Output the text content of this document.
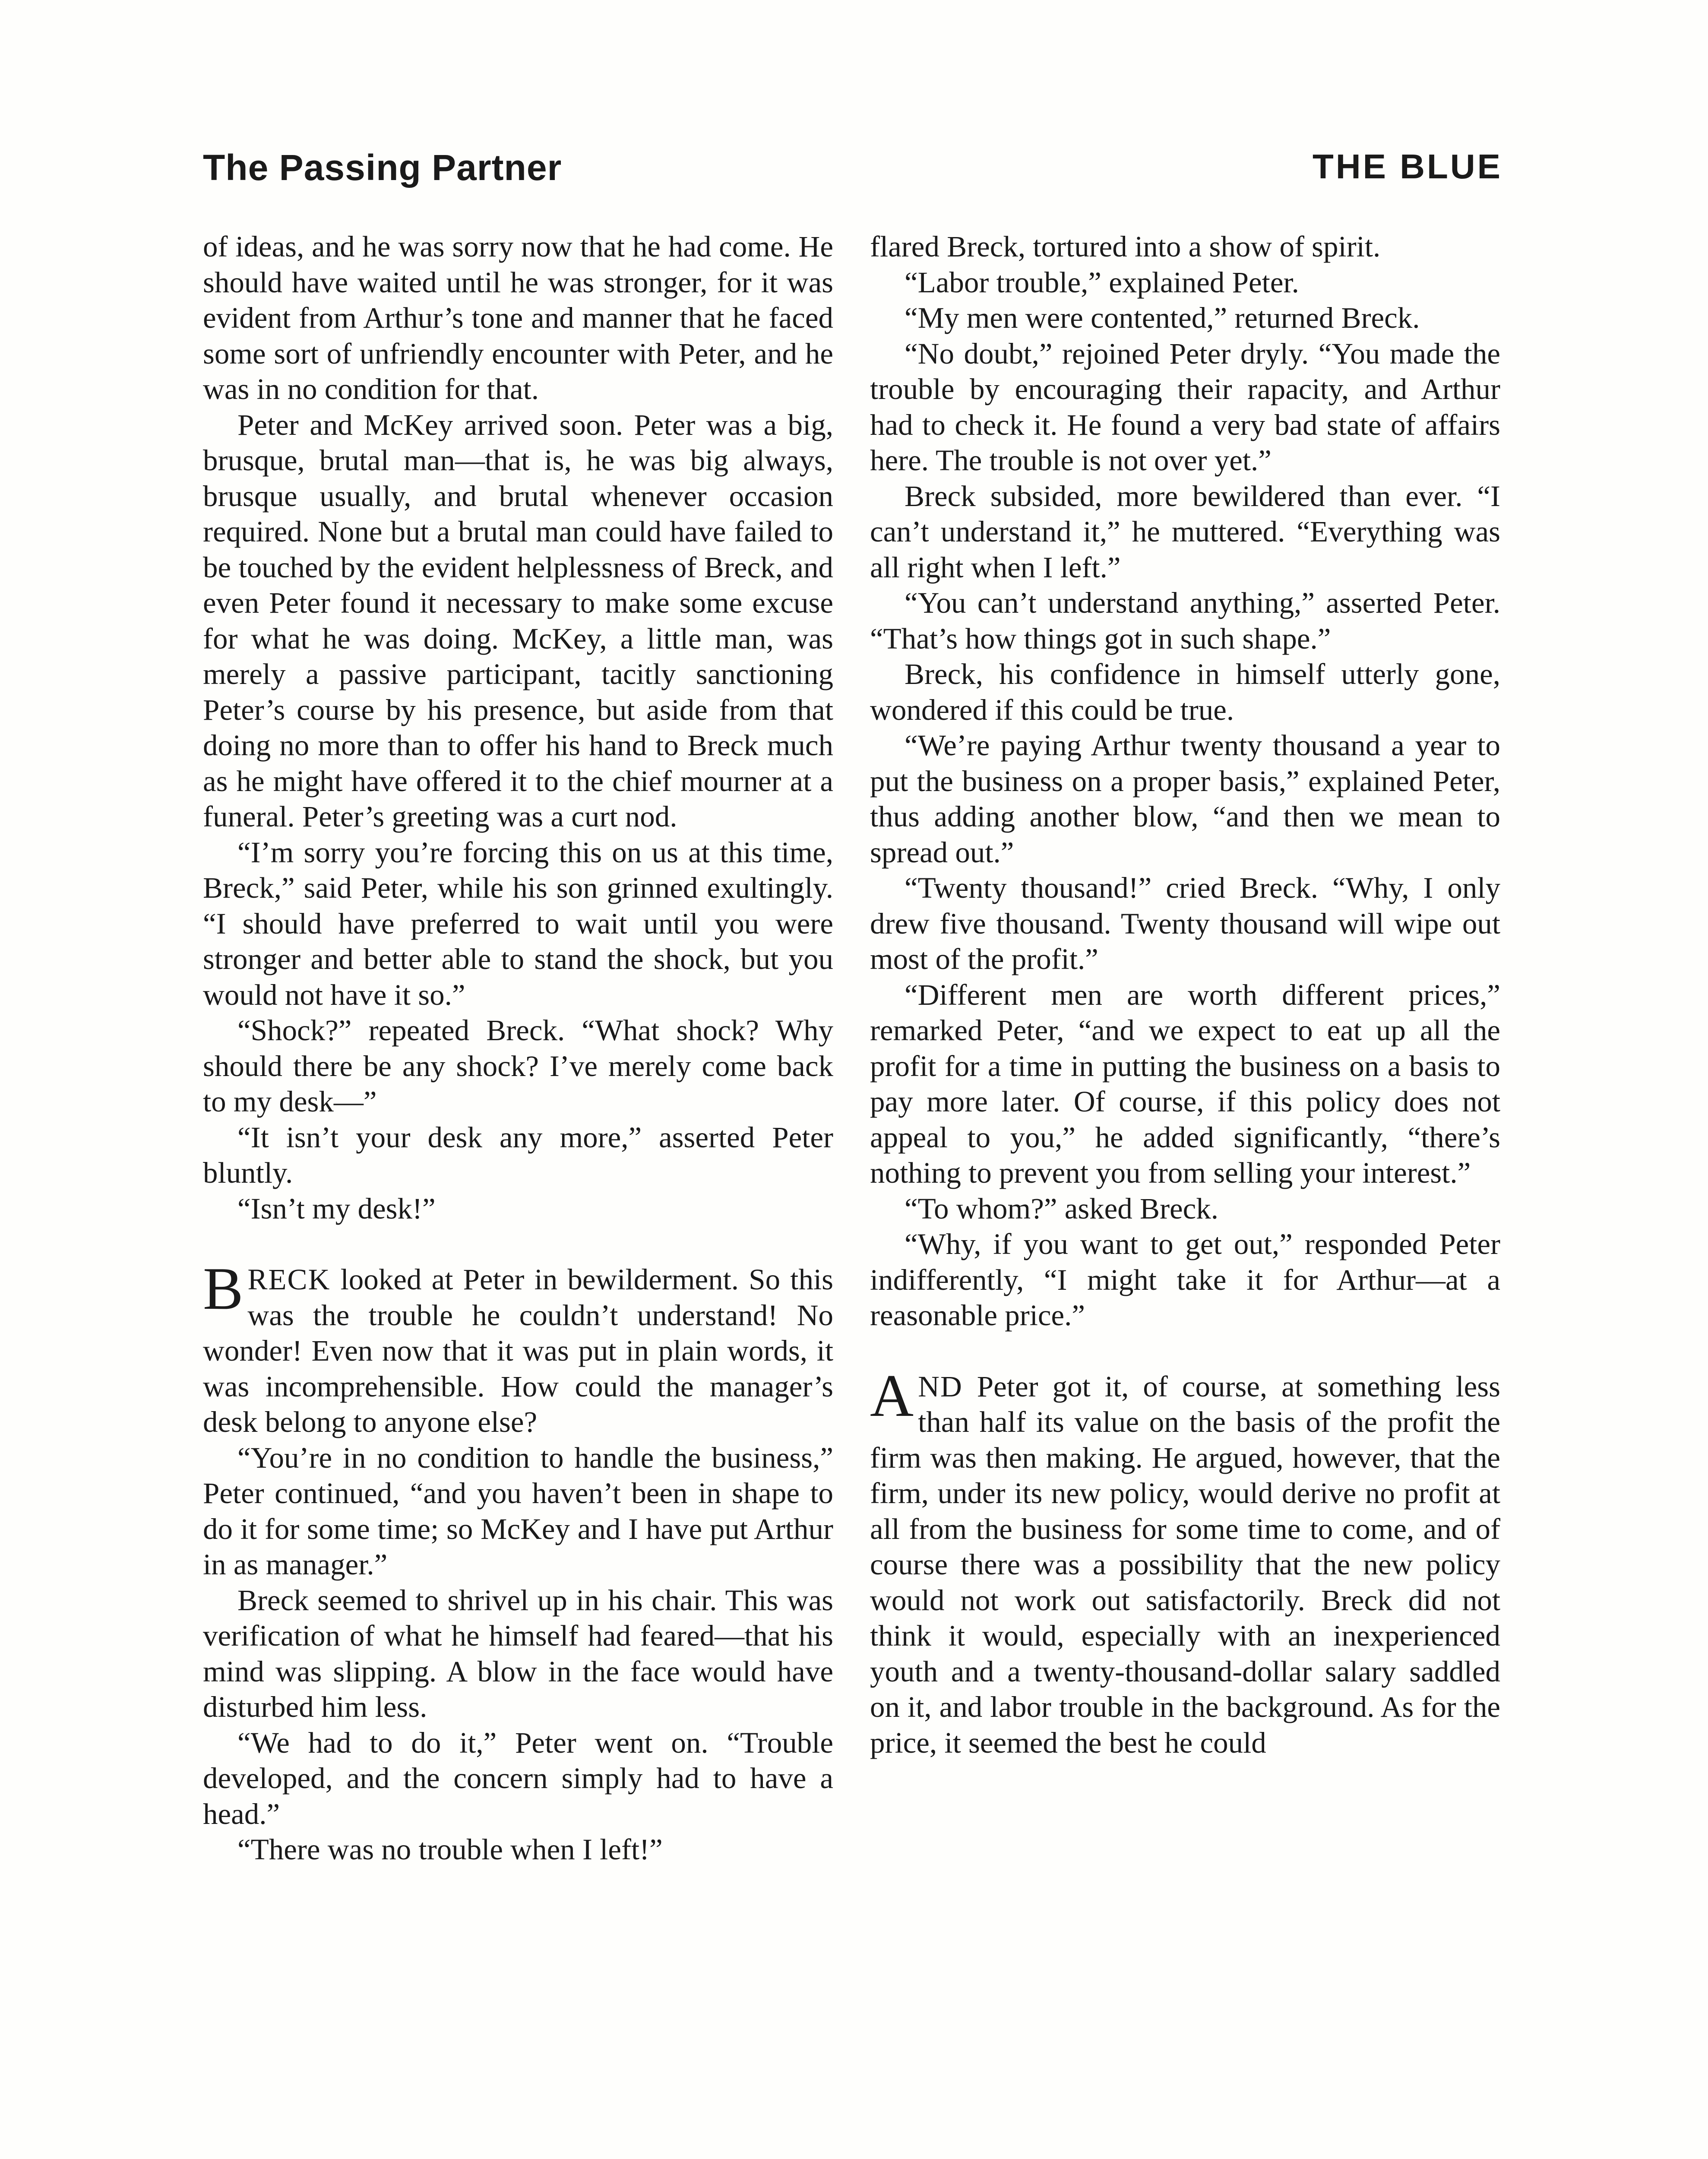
The Passing Partner	THE BLUE

of ideas, and he was sorry now that he had come. He should have waited until he was stronger, for it was evident from Arthur’s tone and manner that he faced some sort of unfriendly encounter with Peter, and he was in no condition for that.

Peter and McKey arrived soon. Peter was a big, brusque, brutal man—that is, he was big always, brusque usually, and brutal whenever occasion required. None but a brutal man could have failed to be touched by the evident helplessness of Breck, and even Peter found it necessary to make some excuse for what he was doing. McKey, a little man, was merely a passive participant, tacitly sanctioning Peter’s course by his presence, but aside from that doing no more than to offer his hand to Breck much as he might have offered it to the chief mourner at a funeral. Peter’s greeting was a curt nod.

“I’m sorry you’re forcing this on us at this time, Breck,” said Peter, while his son grinned exultingly. “I should have preferred to wait until you were stronger and better able to stand the shock, but you would not have it so.”

“Shock?” repeated Breck. “What shock? Why should there be any shock? I’ve merely come back to my desk—”

“It isn’t your desk any more,” asserted Peter bluntly.

“Isn’t my desk!”

BRECK looked at Peter in bewilderment. So this was the trouble he couldn’t understand! No wonder! Even now that it was put in plain words, it was incomprehensible. How could the manager’s desk belong to anyone else?

“You’re in no condition to handle the business,” Peter continued, “and you haven’t been in shape to do it for some time; so McKey and I have put Arthur in as manager.”

Breck seemed to shrivel up in his chair. This was verification of what he himself had feared—that his mind was slipping. A blow in the face would have disturbed him less.

“We had to do it,” Peter went on. “Trouble developed, and the concern simply had to have a head.”

“There was no trouble when I left!”

flared Breck, tortured into a show of spirit.

“Labor trouble,” explained Peter.

“My men were contented,” returned Breck.

“No doubt,” rejoined Peter dryly. “You made the trouble by encouraging their rapacity, and Arthur had to check it. He found a very bad state of affairs here. The trouble is not over yet.”

Breck subsided, more bewildered than ever. “I can’t understand it,” he muttered. “Everything was all right when I left.”

“You can’t understand anything,” asserted Peter. “That’s how things got in such shape.”

Breck, his confidence in himself utterly gone, wondered if this could be true.

“We’re paying Arthur twenty thousand a year to put the business on a proper basis,” explained Peter, thus adding another blow, “and then we mean to spread out.”

“Twenty thousand!” cried Breck. “Why, I only drew five thousand. Twenty thousand will wipe out most of the profit.”

“Different men are worth different prices,” remarked Peter, “and we expect to eat up all the profit for a time in putting the business on a basis to pay more later. Of course, if this policy does not appeal to you,” he added significantly, “there’s nothing to prevent you from selling your interest.”

“To whom?” asked Breck.

“Why, if you want to get out,” responded Peter indifferently, “I might take it for Arthur—at a reasonable price.”

AND Peter got it, of course, at something less than half its value on the basis of the profit the firm was then making. He argued, however, that the firm, under its new policy, would derive no profit at all from the business for some time to come, and of course there was a possibility that the new policy would not work out satisfactorily. Breck did not think it would, especially with an inexperienced youth and a twenty-thousand-dollar salary saddled on it, and labor trouble in the background. As for the price, it seemed the best he could
